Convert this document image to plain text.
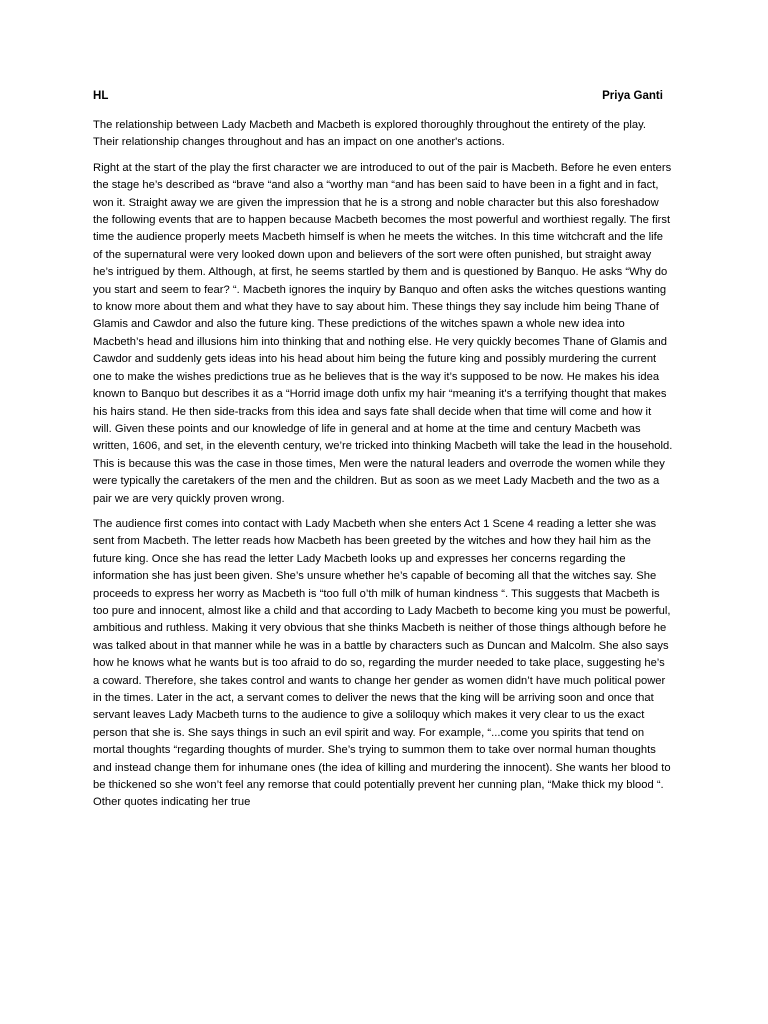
HL	Priya Ganti

The relationship between Lady Macbeth and Macbeth is explored thoroughly throughout the entirety of the play. Their relationship changes throughout and has an impact on one another's actions.

Right at the start of the play the first character we are introduced to out of the pair is Macbeth. Before he even enters the stage he’s described as “brave “and also a “worthy man “and has been said to have been in a fight and in fact, won it. Straight away we are given the impression that he is a strong and noble character but this also foreshadow the following events that are to happen because Macbeth becomes the most powerful and worthiest regally. The first time the audience properly meets Macbeth himself is when he meets the witches. In this time witchcraft and the life of the supernatural were very looked down upon and believers of the sort were often punished, but straight away he’s intrigued by them. Although, at first, he seems startled by them and is questioned by Banquo. He asks “Why do you start and seem to fear? “. Macbeth ignores the inquiry by Banquo and often asks the witches questions wanting to know more about them and what they have to say about him. These things they say include him being Thane of Glamis and Cawdor and also the future king. These predictions of the witches spawn a whole new idea into Macbeth’s head and illusions him into thinking that and nothing else. He very quickly becomes Thane of Glamis and Cawdor and suddenly gets ideas into his head about him being the future king and possibly murdering the current one to make the wishes predictions true as he believes that is the way it’s supposed to be now. He makes his idea known to Banquo but describes it as a “Horrid image doth unfix my hair “meaning it's a terrifying thought that makes his hairs stand. He then side-tracks from this idea and says fate shall decide when that time will come and how it will. Given these points and our knowledge of life in general and at home at the time and century Macbeth was written, 1606, and set, in the eleventh century, we’re tricked into thinking Macbeth will take the lead in the household. This is because this was the case in those times, Men were the natural leaders and overrode the women while they were typically the caretakers of the men and the children. But as soon as we meet Lady Macbeth and the two as a pair we are very quickly proven wrong.

The audience first comes into contact with Lady Macbeth when she enters Act 1 Scene 4 reading a letter she was sent from Macbeth. The letter reads how Macbeth has been greeted by the witches and how they hail him as the future king. Once she has read the letter Lady Macbeth looks up and expresses her concerns regarding the information she has just been given. She’s unsure whether he’s capable of becoming all that the witches say. She proceeds to express her worry as Macbeth is “too full o’th milk of human kindness “. This suggests that Macbeth is too pure and innocent, almost like a child and that according to Lady Macbeth to become king you must be powerful, ambitious and ruthless. Making it very obvious that she thinks Macbeth is neither of those things although before he was talked about in that manner while he was in a battle by characters such as Duncan and Malcolm. She also says how he knows what he wants but is too afraid to do so, regarding the murder needed to take place, suggesting he’s a coward. Therefore, she takes control and wants to change her gender as women didn’t have much political power in the times. Later in the act, a servant comes to deliver the news that the king will be arriving soon and once that servant leaves Lady Macbeth turns to the audience to give a soliloquy which makes it very clear to us the exact person that she is. She says things in such an evil spirit and way. For example, “...come you spirits that tend on mortal thoughts “regarding thoughts of murder. She’s trying to summon them to take over normal human thoughts and instead change them for inhumane ones (the idea of killing and murdering the innocent). She wants her blood to be thickened so she won’t feel any remorse that could potentially prevent her cunning plan, “Make thick my blood “. Other quotes indicating her true
